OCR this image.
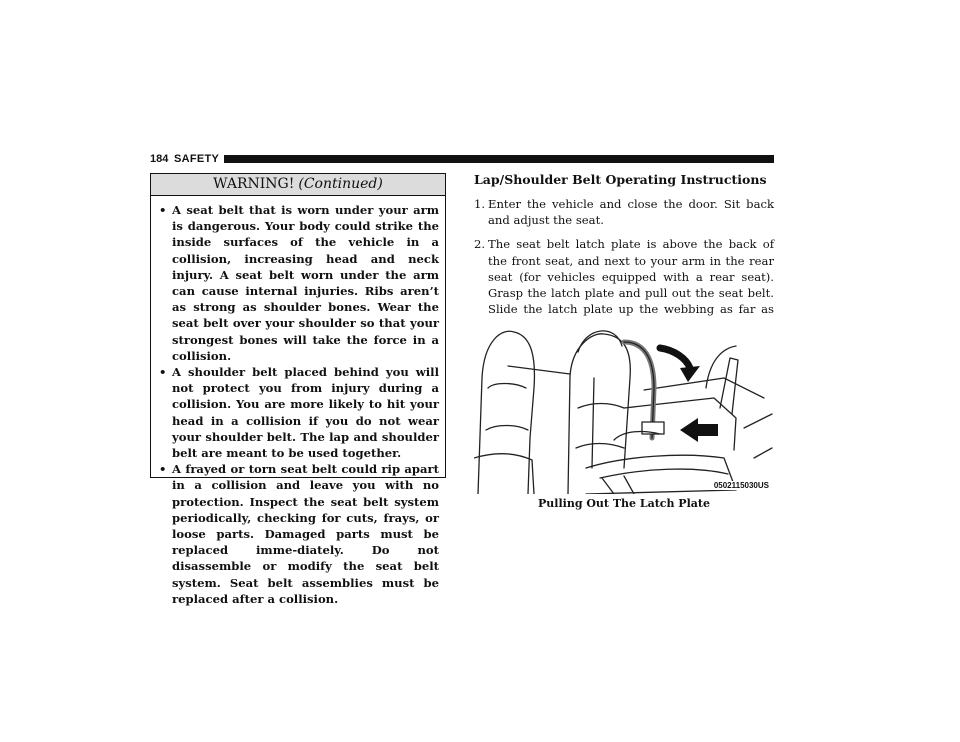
184 SAFETY
WARNING! (Continued)
• A seat belt that is worn under your arm is dangerous. Your body could strike the inside surfaces of the vehicle in a collision, increasing head and neck injury. A seat belt worn under the arm can cause internal injuries. Ribs aren’t as strong as shoulder bones. Wear the seat belt over your shoulder so that your strongest bones will take the force in a collision.
• A shoulder belt placed behind you will not protect you from injury during a collision. You are more likely to hit your head in a collision if you do not wear your shoulder belt. The lap and shoulder belt are meant to be used together.
• A frayed or torn seat belt could rip apart in a collision and leave you with no protection. Inspect the seat belt system periodically, checking for cuts, frays, or loose parts. Damaged parts must be replaced imme-diately. Do not disassemble or modify the seat belt system. Seat belt assemblies must be replaced after a collision.
Lap/Shoulder Belt Operating Instructions
1. Enter the vehicle and close the door. Sit back and adjust the seat.
2. The seat belt latch plate is above the back of the front seat, and next to your arm in the rear seat (for vehicles equipped with a rear seat). Grasp the latch plate and pull out the seat belt. Slide the latch plate up the webbing as far as
0502115030US
Pulling Out The Latch Plate
